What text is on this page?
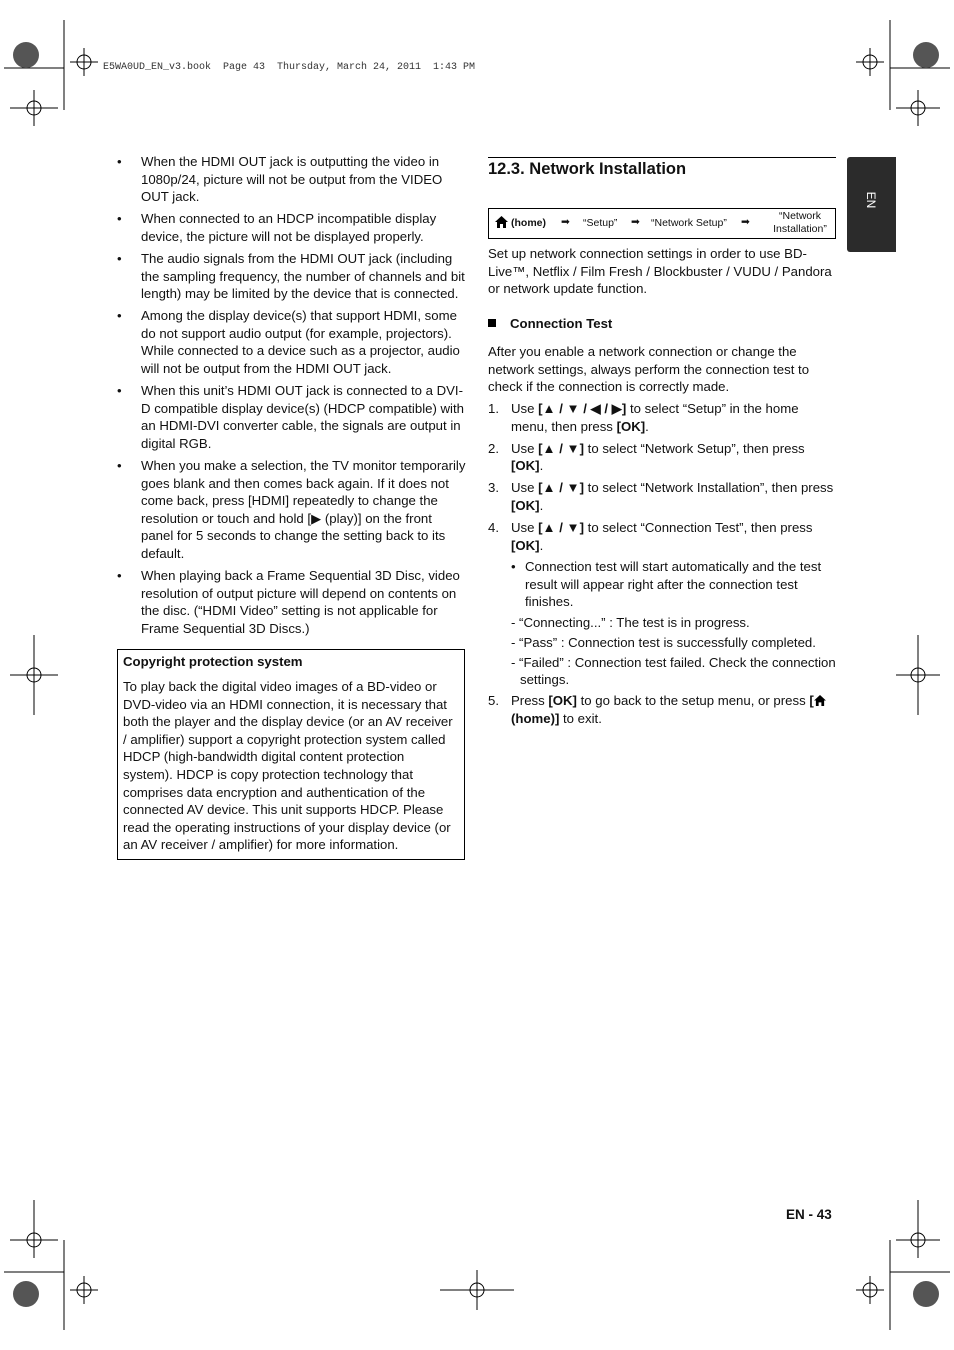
E5WA0UD_EN_v3.book  Page 43  Thursday, March 24, 2011  1:43 PM
• When the HDMI OUT jack is outputting the video in 1080p/24, picture will not be output from the VIDEO OUT jack.
• When connected to an HDCP incompatible display device, the picture will not be displayed properly.
• The audio signals from the HDMI OUT jack (including the sampling frequency, the number of channels and bit length) may be limited by the device that is connected.
• Among the display device(s) that support HDMI, some do not support audio output (for example, projectors). While connected to a device such as a projector, audio will not be output from the HDMI OUT jack.
• When this unit’s HDMI OUT jack is connected to a DVI-D compatible display device(s) (HDCP compatible) with an HDMI-DVI converter cable, the signals are output in digital RGB.
• When you make a selection, the TV monitor temporarily goes blank and then comes back again. If it does not come back, press [HDMI] repeatedly to change the resolution or touch and hold [▶ (play)] on the front panel for 5 seconds to change the setting back to its default.
• When playing back a Frame Sequential 3D Disc, video resolution of output picture will depend on contents on the disc. (“HDMI Video” setting is not applicable for Frame Sequential 3D Discs.)
Copyright protection system
To play back the digital video images of a BD-video or DVD-video via an HDMI connection, it is necessary that both the player and the display device (or an AV receiver / amplifier) support a copyright protection system called HDCP (high-bandwidth digital content protection system). HDCP is copy protection technology that comprises data encryption and authentication of the connected AV device. This unit supports HDCP. Please read the operating instructions of your display device (or an AV receiver / amplifier) for more information.
12.3. Network Installation
(home) ➡ “Setup” ➡ “Network Setup” ➡	“Network
Installation”
Set up network connection settings in order to use BD-Live™, Netflix / Film Fresh / Blockbuster / VUDU / Pandora or network update function.
Connection Test
After you enable a network connection or change the network settings, always perform the connection test to check if the connection is correctly made.
1. Use [▲ / ▼ / ◀ / ▶] to select “Setup” in the home menu, then press [OK].
2. Use [▲ / ▼] to select “Network Setup”, then press [OK].
3. Use [▲ / ▼] to select “Network Installation”, then press [OK].
4. Use [▲ / ▼] to select “Connection Test”, then press [OK].
• Connection test will start automatically and the test result will appear right after the connection test finishes.
- “Connecting...” : The test is in progress.
- “Pass” : Connection test is successfully completed.
- “Failed” : Connection test failed. Check the connection settings.
5. Press [OK] to go back to the setup menu, or press [ (home)] to exit.
EN
EN - 43
